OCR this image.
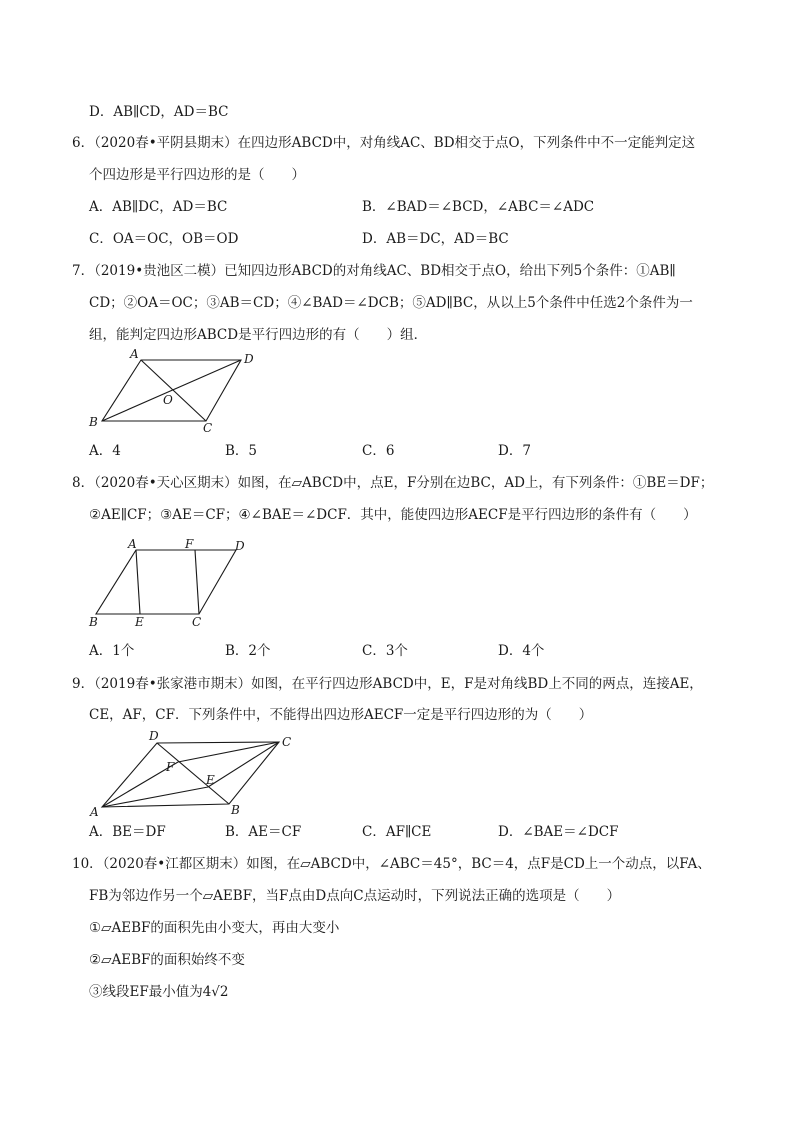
D．AB∥CD，AD＝BC
6．（2020春•平阴县期末）在四边形ABCD中，对角线AC、BD相交于点O，下列条件中不一定能判定这
个四边形是平行四边形的是（　　）
A．AB∥DC，AD＝BC	B．∠BAD＝∠BCD，∠ABC＝∠ADC
C．OA＝OC，OB＝OD	D．AB＝DC，AD＝BC
7．（2019•贵池区二模）已知四边形ABCD的对角线AC、BD相交于点O，给出下列5个条件：①AB∥
CD；②OA＝OC；③AB＝CD；④∠BAD＝∠DCB；⑤AD∥BC，从以上5个条件中任选2个条件为一
组，能判定四边形ABCD是平行四边形的有（　　）组．
A	D
B	C
O
A．4	B．5	C．6	D．7
8．（2020春•天心区期末）如图，在▱ABCD中，点E，F分别在边BC，AD上，有下列条件：①BE＝DF；
②AE∥CF；③AE＝CF；④∠BAE＝∠DCF．其中，能使四边形AECF是平行四边形的条件有（　　）
A	F	D
B	E	C
A．1个	B．2个	C．3个	D．4个
9．（2019春•张家港市期末）如图，在平行四边形ABCD中，E，F是对角线BD上不同的两点，连接AE，
CE，AF，CF．下列条件中，不能得出四边形AECF一定是平行四边形的为（　　）
D	C
F
E
A	B
A．BE＝DF	B．AE＝CF	C．AF∥CE	D．∠BAE＝∠DCF
10．（2020春•江都区期末）如图，在▱ABCD中，∠ABC＝45°，BC＝4，点F是CD上一个动点，以FA、
FB为邻边作另一个▱AEBF，当F点由D点向C点运动时，下列说法正确的选项是（　　）
①▱AEBF的面积先由小变大，再由大变小
②▱AEBF的面积始终不变
③线段EF最小值为4√2
